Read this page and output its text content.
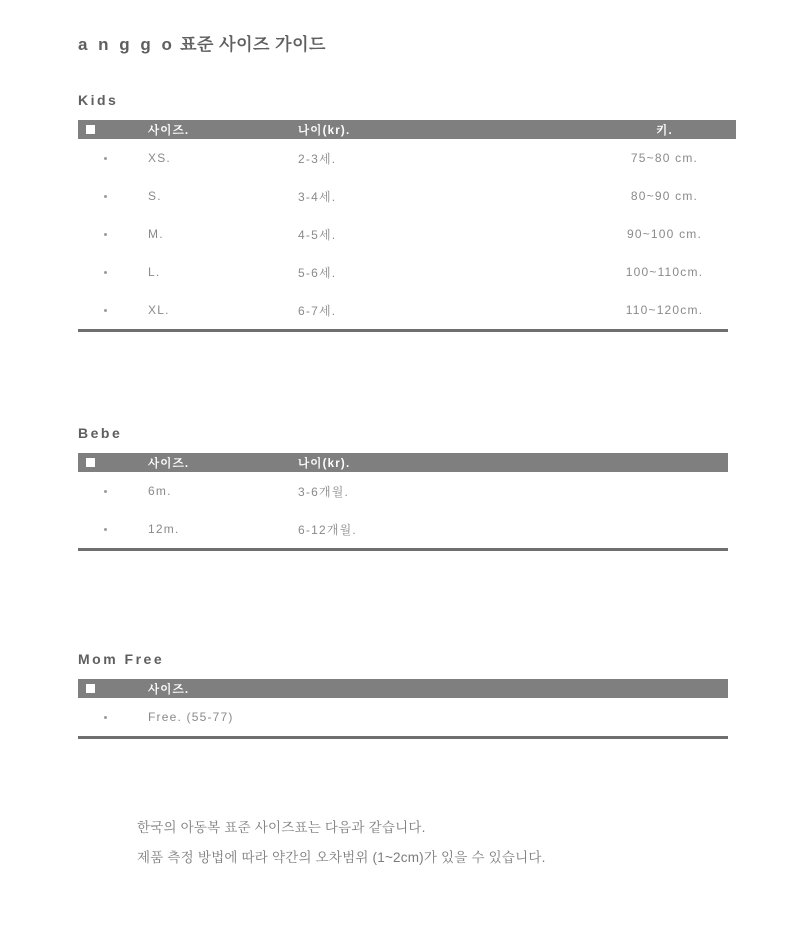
a n g g o 표준 사이즈 가이드
Kids
	사이즈.	나이(kr).	키.
	XS.	2-3세.	75~80 cm.
	S.	3-4세.	80~90 cm.
	M.	4-5세.	90~100 cm.
	L.	5-6세.	100~110cm.
	XL.	6-7세.	110~120cm.
Bebe
	사이즈.	나이(kr).
	6m.	3-6개월.
	12m.	6-12개월.
Mom Free
	사이즈.
	Free. (55-77)
한국의 아동복 표준 사이즈표는 다음과 같습니다.
제품 측정 방법에 따라 약간의 오차범위 (1~2cm)가 있을 수 있습니다.
